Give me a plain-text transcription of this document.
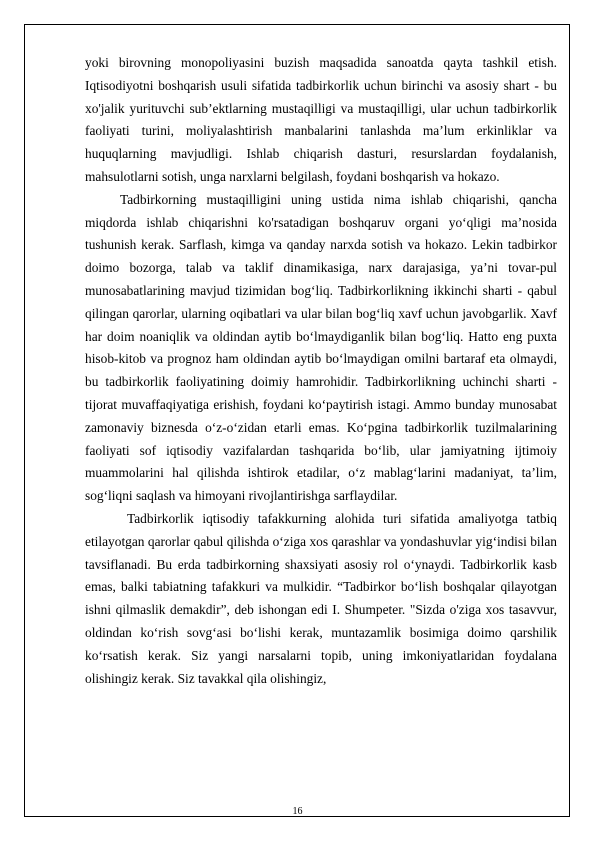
yoki birovning monopoliyasini buzish maqsadida sanoatda qayta tashkil etish. Iqtisodiyotni boshqarish usuli sifatida tadbirkorlik uchun birinchi va asosiy shart - bu xo'jalik yurituvchi sub’ektlarning mustaqilligi va mustaqilligi, ular uchun tadbirkorlik faoliyati turini, moliyalashtirish manbalarini tanlashda ma’lum erkinliklar va huquqlarning mavjudligi. Ishlab chiqarish dasturi, resurslardan foydalanish, mahsulotlarni sotish, unga narxlarni belgilash, foydani boshqarish va hokazo.

Tadbirkorning mustaqilligini uning ustida nima ishlab chiqarishi, qancha miqdorda ishlab chiqarishni ko'rsatadigan boshqaruv organi yo‘qligi ma’nosida tushunish kerak. Sarflash, kimga va qanday narxda sotish va hokazo. Lekin tadbirkor doimo bozorga, talab va taklif dinamikasiga, narx darajasiga, ya’ni tovar-pul munosabatlarining mavjud tizimidan bog‘liq. Tadbirkorlikning ikkinchi sharti - qabul qilingan qarorlar, ularning oqibatlari va ular bilan bog‘liq xavf uchun javobgarlik. Xavf har doim noaniqlik va oldindan aytib bo‘lmaydiganlik bilan bog‘liq. Hatto eng puxta hisob-kitob va prognoz ham oldindan aytib bo‘lmaydigan omilni bartaraf eta olmaydi, bu tadbirkorlik faoliyatining doimiy hamrohidir. Tadbirkorlikning uchinchi sharti - tijorat muvaffaqiyatiga erishish, foydani ko‘paytirish istagi. Ammo bunday munosabat zamonaviy biznesda o‘z-o‘zidan etarli emas. Ko‘pgina tadbirkorlik tuzilmalarining faoliyati sof iqtisodiy vazifalardan tashqarida bo‘lib, ular jamiyatning ijtimoiy muammolarini hal qilishda ishtirok etadilar, o‘z mablag‘larini madaniyat, ta’lim, sog‘liqni saqlash va himoyani rivojlantirishga sarflaydilar.

Tadbirkorlik iqtisodiy tafakkurning alohida turi sifatida amaliyotga tatbiq etilayotgan qarorlar qabul qilishda o‘ziga xos qarashlar va yondashuvlar yig‘indisi bilan tavsiflanadi. Bu erda tadbirkorning shaxsiyati asosiy rol o‘ynaydi. Tadbirkorlik kasb emas, balki tabiatning tafakkuri va mulkidir. “Tadbirkor bo‘lish boshqalar qilayotgan ishni qilmaslik demakdir”, deb ishongan edi I. Shumpeter. "Sizda o'ziga xos tasavvur, oldindan ko‘rish sovg‘asi bo‘lishi kerak, muntazamlik bosimiga doimo qarshilik ko‘rsatish kerak. Siz yangi narsalarni topib, uning imkoniyatlaridan foydalana olishingiz kerak. Siz tavakkal qila olishingiz,

16
